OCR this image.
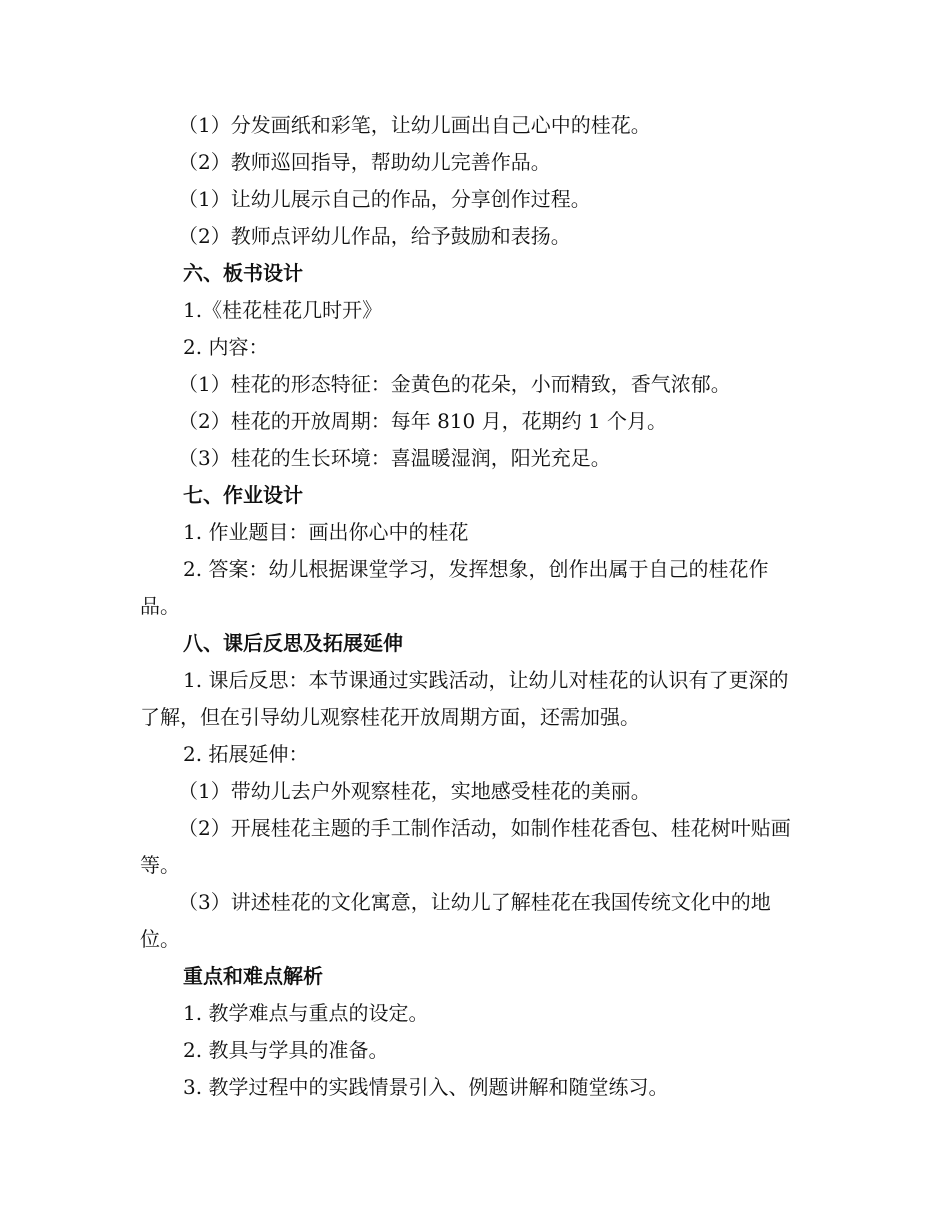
（1）分发画纸和彩笔，让幼儿画出自己心中的桂花。

（2）教师巡回指导，帮助幼儿完善作品。

（1）让幼儿展示自己的作品，分享创作过程。

（2）教师点评幼儿作品，给予鼓励和表扬。

六、板书设计

1.《桂花桂花几时开》

2. 内容：

（1）桂花的形态特征：金黄色的花朵，小而精致，香气浓郁。

（2）桂花的开放周期：每年 810 月，花期约 1 个月。

（3）桂花的生长环境：喜温暖湿润，阳光充足。

七、作业设计

1. 作业题目：画出你心中的桂花

2. 答案：幼儿根据课堂学习，发挥想象，创作出属于自己的桂花作品。

八、课后反思及拓展延伸

1. 课后反思：本节课通过实践活动，让幼儿对桂花的认识有了更深的了解，但在引导幼儿观察桂花开放周期方面，还需加强。

2. 拓展延伸：

（1）带幼儿去户外观察桂花，实地感受桂花的美丽。

（2）开展桂花主题的手工制作活动，如制作桂花香包、桂花树叶贴画等。

（3）讲述桂花的文化寓意，让幼儿了解桂花在我国传统文化中的地位。

重点和难点解析

1. 教学难点与重点的设定。

2. 教具与学具的准备。

3. 教学过程中的实践情景引入、例题讲解和随堂练习。
